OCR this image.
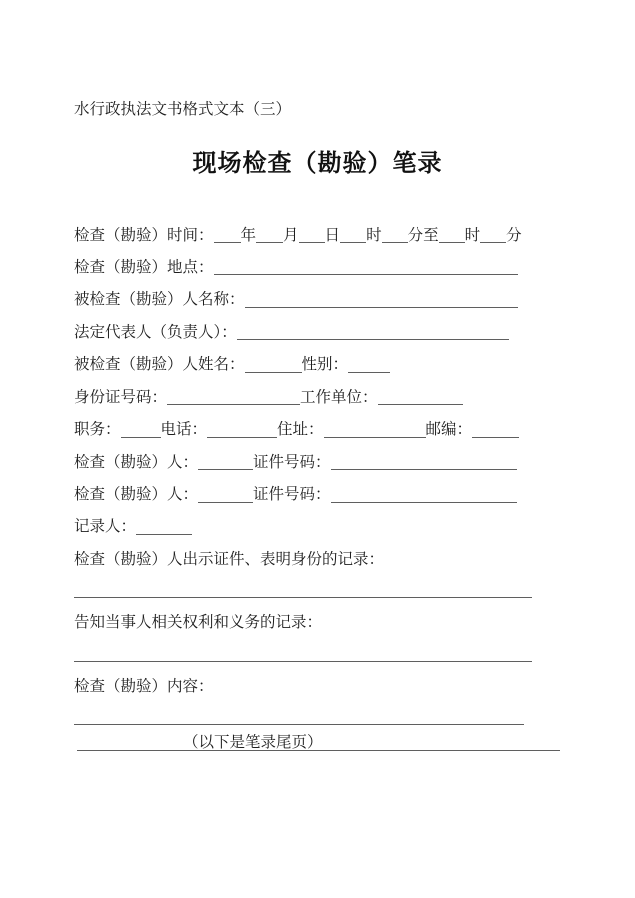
水行政执法文书格式文本（三）
现场检查（勘验）笔录
检查（勘验）时间： 年 月 日 时 分至 时 分
检查（勘验）地点：
被检查（勘验）人名称：
法定代表人（负责人）：
被检查（勘验）人姓名：	性别：
身份证号码：	工作单位：
职务：	电话：	住址：	邮编：
检查（勘验）人：	证件号码：
检查（勘验）人：	证件号码：
记录人：
检查（勘验）人出示证件、表明身份的记录：
告知当事人相关权利和义务的记录：
检查（勘验）内容：
（以下是笔录尾页）
